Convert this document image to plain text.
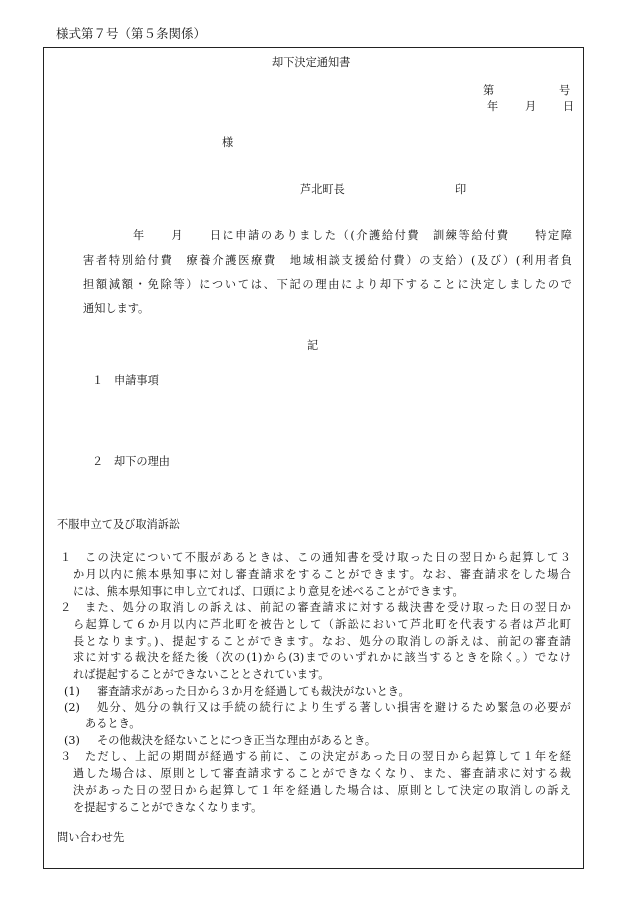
様式第７号（第５条関係）
却下決定通知書
第	号
年 月 日
様
芦北町長	印
年　　月　　日に申請のありました（(介護給付費　訓練等給付費　　特定障
害者特別給付費　療養介護医療費　地域相談支援給付費）の支給）(及び）(利用者負
担額減額・免除等）については、下記の理由により却下することに決定しましたので
通知します。
記
１ 申請事項
２ 却下の理由
不服申立て及び取消訴訟
１ この決定について不服があるときは、この通知書を受け取った日の翌日から起算して３
か月以内に熊本県知事に対し審査請求をすることができます。なお、審査請求をした場合
には、熊本県知事に申し立てれば、口頭により意見を述べることができます。
２ また、処分の取消しの訴えは、前記の審査請求に対する裁決書を受け取った日の翌日か
ら起算して６か月以内に芦北町を被告として（訴訟において芦北町を代表する者は芦北町
長となります。)、提起することができます。なお、処分の取消しの訴えは、前記の審査請
求に対する裁決を経た後（次の(1)から(3)までのいずれかに該当するときを除く。）でなけ
れば提起することができないこととされています。
(1) 審査請求があった日から３か月を経過しても裁決がないとき。
(2) 処分、処分の執行又は手続の続行により生ずる著しい損害を避けるため緊急の必要が
あるとき。
(3) その他裁決を経ないことにつき正当な理由があるとき。
３ ただし、上記の期間が経過する前に、この決定があった日の翌日から起算して１年を経
過した場合は、原則として審査請求することができなくなり、また、審査請求に対する裁
決があった日の翌日から起算して１年を経過した場合は、原則として決定の取消しの訴え
を提起することができなくなります。
問い合わせ先
